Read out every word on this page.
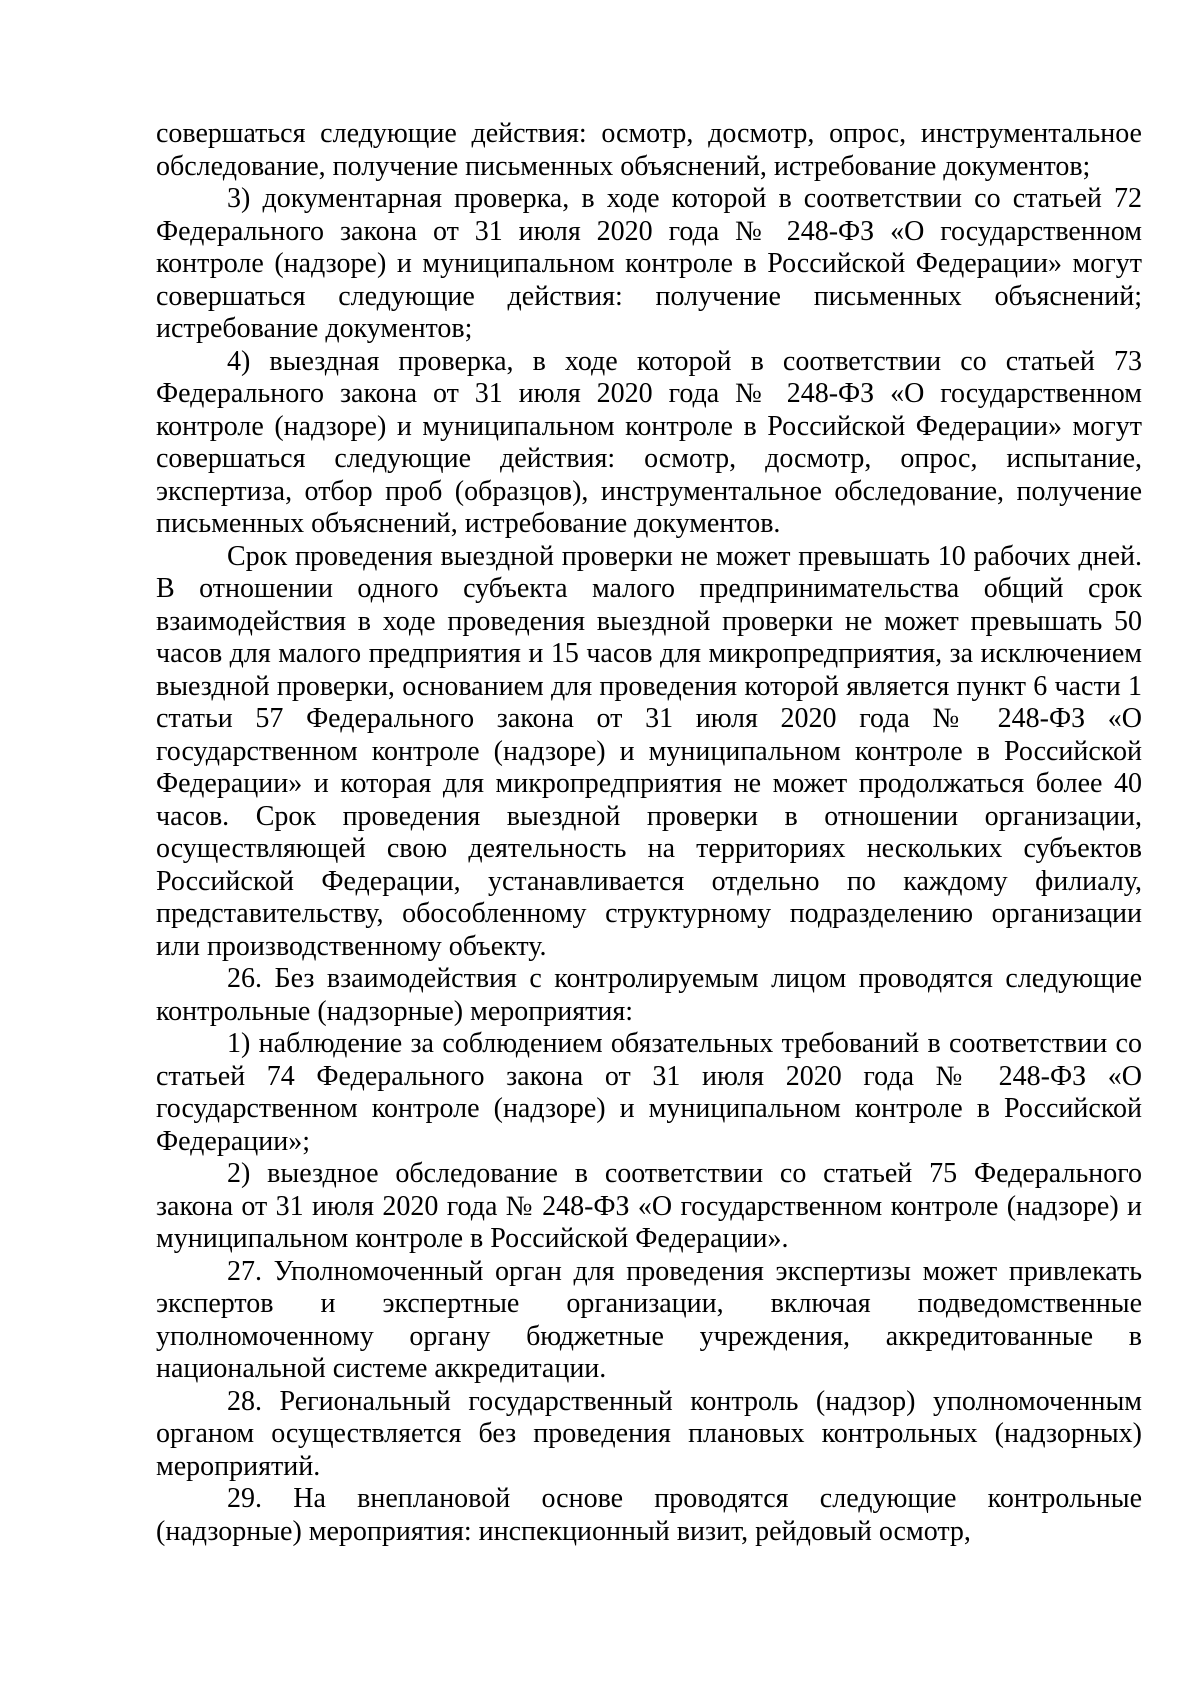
совершаться следующие действия: осмотр, досмотр, опрос, инструментальное обследование, получение письменных объяснений, истребование документов;

3) документарная проверка, в ходе которой в соответствии со статьей 72 Федерального закона от 31 июля 2020 года № 248-ФЗ «О государственном контроле (надзоре) и муниципальном контроле в Российской Федерации» могут совершаться следующие действия: получение письменных объяснений; истребование документов;

4) выездная проверка, в ходе которой в соответствии со статьей 73 Федерального закона от 31 июля 2020 года № 248-ФЗ «О государственном контроле (надзоре) и муниципальном контроле в Российской Федерации» могут совершаться следующие действия: осмотр, досмотр, опрос, испытание, экспертиза, отбор проб (образцов), инструментальное обследование, получение письменных объяснений, истребование документов.

Срок проведения выездной проверки не может превышать 10 рабочих дней. В отношении одного субъекта малого предпринимательства общий срок взаимодействия в ходе проведения выездной проверки не может превышать 50 часов для малого предприятия и 15 часов для микропредприятия, за исключением выездной проверки, основанием для проведения которой является пункт 6 части 1 статьи 57 Федерального закона от 31 июля 2020 года № 248-ФЗ «О государственном контроле (надзоре) и муниципальном контроле в Российской Федерации» и которая для микропредприятия не может продолжаться более 40 часов. Срок проведения выездной проверки в отношении организации, осуществляющей свою деятельность на территориях нескольких субъектов Российской Федерации, устанавливается отдельно по каждому филиалу, представительству, обособленному структурному подразделению организации или производственному объекту.

26. Без взаимодействия с контролируемым лицом проводятся следующие контрольные (надзорные) мероприятия:

1) наблюдение за соблюдением обязательных требований в соответствии со статьей 74 Федерального закона от 31 июля 2020 года № 248-ФЗ «О государственном контроле (надзоре) и муниципальном контроле в Российской Федерации»;

2) выездное обследование в соответствии со статьей 75 Федерального закона от 31 июля 2020 года № 248-ФЗ «О государственном контроле (надзоре) и муниципальном контроле в Российской Федерации».

27. Уполномоченный орган для проведения экспертизы может привлекать экспертов и экспертные организации, включая подведомственные уполномоченному органу бюджетные учреждения, аккредитованные в национальной системе аккредитации.

28. Региональный государственный контроль (надзор) уполномоченным органом осуществляется без проведения плановых контрольных (надзорных) мероприятий.

29. На внеплановой основе проводятся следующие контрольные (надзорные) мероприятия: инспекционный визит, рейдовый осмотр,
